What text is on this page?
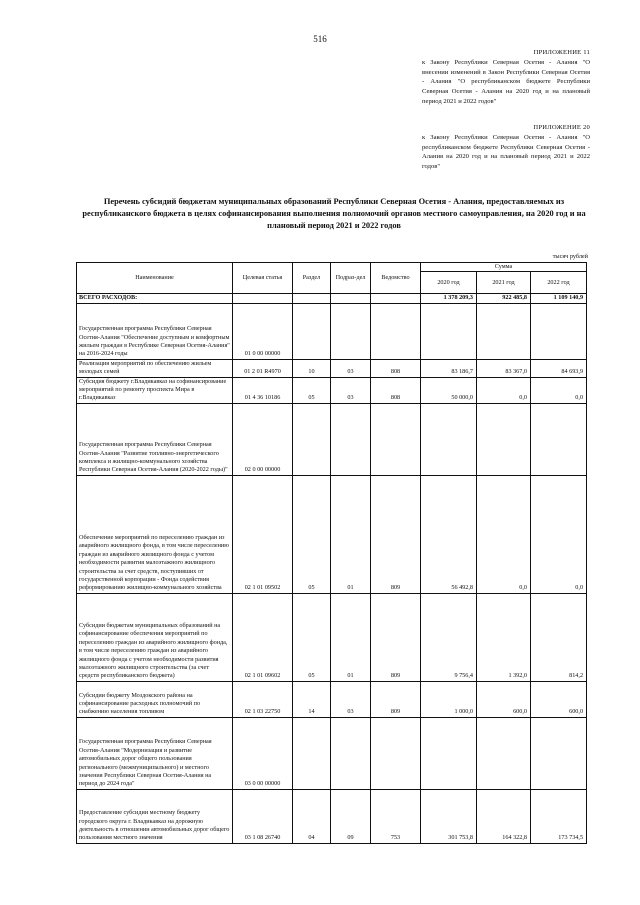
516
ПРИЛОЖЕНИЕ 11
к Закону Республики Северная Осетия - Алания "О внесении изменений в Закон Республики Северная Осетия - Алания "О республиканском бюджете Республики Северная Осетия - Алания на 2020 год и на плановый период 2021 и 2022 годов"
ПРИЛОЖЕНИЕ 20
к Закону Республики Северная Осетия - Алания "О республиканском бюджете Республики Северная Осетия - Алания на 2020 год и на плановый период 2021 и 2022 годов"
Перечень субсидий бюджетам муниципальных образований Республики Северная Осетия - Алания, предоставляемых из республиканского бюджета в целях софинансирования выполнения полномочий органов местного самоуправления, на 2020 год и на плановый период 2021 и 2022 годов
тысяч рублей
Наименование	Целевая статья	Раздел	Подраз-дел	Ведомство	Сумма		
					2020 год	2021 год	2022 год
ВСЕГО РАСХОДОВ:					1 378 209,3	922 485,8	1 109 140,9
Государственная программа Республики Северная Осетия-Алания "Обеспечение доступным и комфортным жильем граждан в Республике Северная Осетия-Алания" на 2016-2024 годы	01 0 00 00000						
Реализация мероприятий по обеспечению жильем молодых семей	01 2 01 R4970	10	03	808	83 186,7	83 367,0	84 693,9
Субсидия бюджету г.Владикавказ на софинансирование мероприятий по ремонту проспекта Мира в г.Владикавказ	01 4 36 10186	05	03	808	50 000,0	0,0	0,0
Государственная программа Республики Северная Осетия-Алания "Развитие топливно-энергетического комплекса и жилищно-коммунального хозяйства Республики Северная Осетия-Алания (2020-2022 годы)"	02 0 00 00000						
Обеспечение мероприятий по переселению граждан из аварийного жилищного фонда, в том числе переселению граждан из аварийного жилищного фонда с учетом необходимости развития малоэтажного жилищного строительства за счет средств, поступивших от государственной корпорации - Фонда содействия реформированию жилищно-коммунального хозяйства	02 1 01 09502	05	01	809	56 492,8	0,0	0,0
Субсидии бюджетам муниципальных образований на софинансирование обеспечения мероприятий по переселению граждан из аварийного жилищного фонда, в том числе переселению граждан из аварийного жилищного фонда с учетом необходимости развития малоэтажного жилищного строительства (за счет средств республиканского бюджета)	02 1 01 09602	05	01	809	9 756,4	1 392,0	814,2
Субсидии бюджету Моздокского района на софинансирование расходных полномочий по снабжению населения топливом	02 1 03 22750	14	03	809	1 000,0	600,0	600,0
Государственная программа Республики Северная Осетия-Алания "Модернизация и развитие автомобильных дорог общего пользования регионального (межмуниципального) и местного значения Республики Северная Осетия-Алания на период до 2024 года"	03 0 00 00000						
Предоставление субсидии местному бюджету городского округа г. Владикавказ на дорожную деятельность в отношении автомобильных дорог общего пользования местного значения	03 1 08 26740	04	09	753	301 753,8	164 322,8	173 734,5
